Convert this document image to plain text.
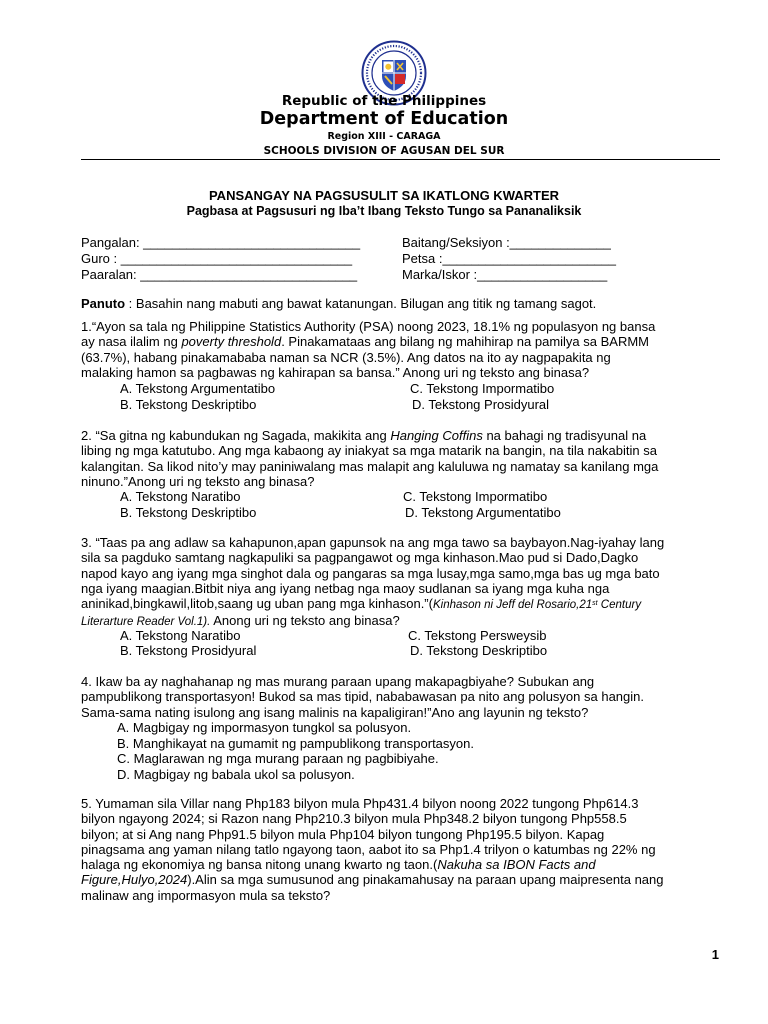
Republic of the Philippines
Department of Education
Region XIII - CARAGA
SCHOOLS DIVISION OF AGUSAN DEL SUR
PANSANGAY NA PAGSUSULIT SA IKATLONG KWARTER
Pagbasa at Pagsusuri ng Iba’t Ibang Teksto Tungo sa Pananaliksik
Pangalan: ______________________________
Guro : ________________________________
Paaralan: ______________________________
Baitang/Seksiyon :______________
Petsa :________________________
Marka/Iskor :__________________
Panuto : Basahin nang mabuti ang bawat katanungan. Bilugan ang titik ng tamang sagot.

1.“Ayon sa tala ng Philippine Statistics Authority (PSA) noong 2023, 18.1% ng populasyon ng bansa

ay nasa ilalim ng poverty threshold. Pinakamataas ang bilang ng mahihirap na pamilya sa BARMM

(63.7%), habang pinakamababa naman sa NCR (3.5%). Ang datos na ito ay nagpapakita ng

malaking hamon sa pagbawas ng kahirapan sa bansa.” Anong uri ng teksto ang binasa?

A. Tekstong Argumentatibo
B. Tekstong Deskriptibo
C. Tekstong Impormatibo
D. Tekstong Prosidyural

2. “Sa gitna ng kabundukan ng Sagada, makikita ang Hanging Coffins na bahagi ng tradisyunal na

libing ng mga katutubo. Ang mga kabaong ay iniakyat sa mga matarik na bangin, na tila nakabitin sa

kalangitan. Sa likod nito’y may paniniwalang mas malapit ang kaluluwa ng namatay sa kanilang mga

ninuno.”Anong uri ng teksto ang binasa?

A. Tekstong Naratibo
B. Tekstong Deskriptibo
C. Tekstong Impormatibo
D. Tekstong Argumentatibo

3. “Taas pa ang adlaw sa kahapunon,apan gapunsok na ang mga tawo sa baybayon.Nag-iyahay lang

sila sa pagduko samtang nagkapuliki sa pagpangawot og mga kinhason.Mao pud si Dado,Dagko

napod kayo ang iyang mga singhot dala og pangaras sa mga lusay,mga samo,mga bas ug mga bato

nga iyang maagian.Bitbit niya ang iyang netbag nga maoy sudlanan sa iyang mga kuha nga

aninikad,bingkawil,litob,saang ug uban pang mga kinhason.”(Kinhason ni Jeff del Rosario,21st Century

Literarture Reader Vol.1). Anong uri ng teksto ang binasa?

A. Tekstong Naratibo
B. Tekstong Prosidyural
C. Tekstong Persweysib
D. Tekstong Deskriptibo

4. Ikaw ba ay naghahanap ng mas murang paraan upang makapagbiyahe? Subukan ang

pampublikong transportasyon! Bukod sa mas tipid, nababawasan pa nito ang polusyon sa hangin.

Sama-sama nating isulong ang isang malinis na kapaligiran!”Ano ang layunin ng teksto?

A. Magbigay ng impormasyon tungkol sa polusyon.
B. Manghikayat na gumamit ng pampublikong transportasyon.
C. Maglarawan ng mga murang paraan ng pagbibiyahe.
D. Magbigay ng babala ukol sa polusyon.

5. Yumaman sila Villar nang Php183 bilyon mula Php431.4 bilyon noong 2022 tungong Php614.3

bilyon ngayong 2024; si Razon nang Php210.3 bilyon mula Php348.2 bilyon tungong Php558.5

bilyon; at si Ang nang Php91.5 bilyon mula Php104 bilyon tungong Php195.5 bilyon. Kapag

pinagsama ang yaman nilang tatlo ngayong taon, aabot ito sa Php1.4 trilyon o katumbas ng 22% ng

halaga ng ekonomiya ng bansa nitong unang kwarto ng taon.(Nakuha sa IBON Facts and

Figure,Hulyo,2024).Alin sa mga sumusunod ang pinakamahusay na paraan upang maipresenta nang

malinaw ang impormasyon mula sa teksto?

1
